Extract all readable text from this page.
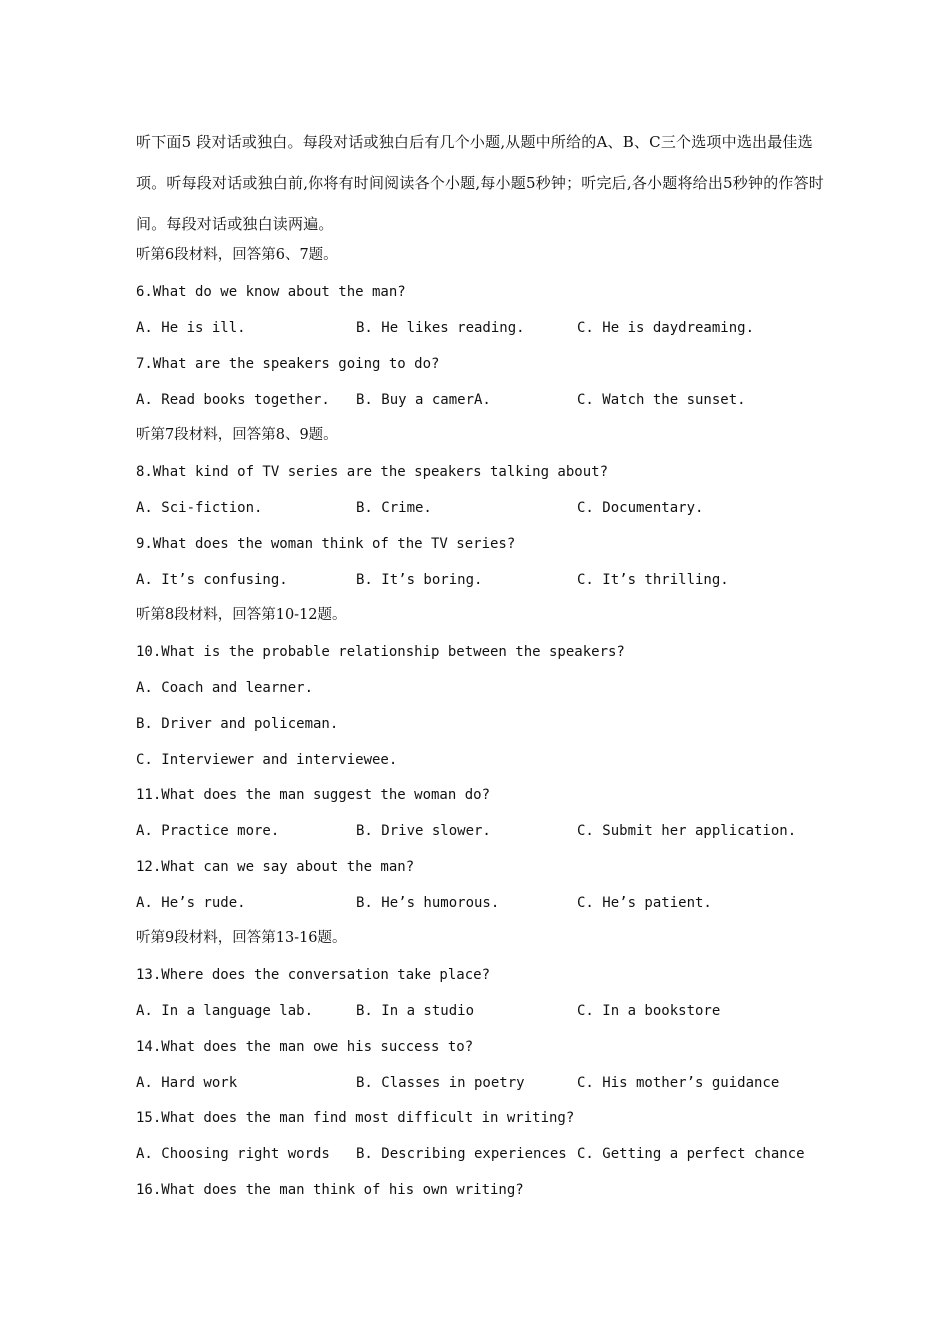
听下面5 段对话或独白。每段对话或独白后有几个小题,从题中所给的A、B、C三个选项中选出最佳选项。听每段对话或独白前,你将有时间阅读各个小题,每小题5秒钟；听完后,各小题将给出5秒钟的作答时间。每段对话或独白读两遍。
听第6段材料，回答第6、7题。
6.What do we know about the man?
A. He is ill.	B. He likes reading.	C. He is daydreaming.
7.What are the speakers going to do?
A. Read books together. B. Buy a camerA.	C. Watch the sunset.
听第7段材料，回答第8、9题。
8.What kind of TV series are the speakers talking about?
A. Sci-fiction.	B. Crime.	C. Documentary.
9.What does the woman think of the TV series?
A. It’s confusing.	B. It’s boring.	C. It’s thrilling.
听第8段材料，回答第10-12题。
10.What is the probable relationship between the speakers?
A. Coach and learner.
B. Driver and policeman.
C. Interviewer and interviewee.
11.What does the man suggest the woman do?
A. Practice more.	B. Drive slower.	C. Submit her application.
12.What can we say about the man?
A. He’s rude.	B. He’s humorous.	C. He’s patient.
听第9段材料，回答第13-16题。
13.Where does the conversation take place?
A. In a language lab.	B. In a studio	C. In a bookstore
14.What does the man owe his success to?
A. Hard work	B. Classes in poetry	C. His mother’s guidance
15.What does the man find most difficult in writing?
A. Choosing right words B. Describing experiences C. Getting a perfect chance
16.What does the man think of his own writing?
